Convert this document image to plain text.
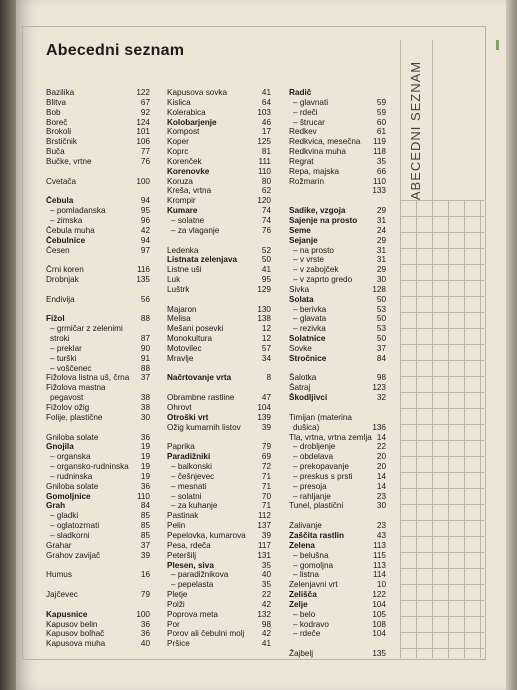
Abecedni seznam
ABECEDNI SEZNAM
Bazilika	122
Blitva	67
Bob	92
Boreč	124
Brokoli	101
Brstičnik	106
Buča	77
Bučke, vrtne	76
Cvetača	100
Čebula	94
– pomladanska	95
– zimska	96
Čebula muha	42
Čebulnice	94
Česen	97
Črni koren	116
Drobnjak	135
Endivija	56
Fižol	88
– grmičar z zelenimi
stroki	87
– preklar	90
– turški	91
– voščenec	88
Fižolova listna uš, črna 37
Fižolova mastna
pegavost	38
Fižolov ožig	38
Folije, plastične	30
Gniloba solate	36
Gnojila	19
– organska	19
– organsko-rudninska 19
– rudninska	19
Gniloba solate	36
Gomoljnice	110
Grah	84
– gladki	85
– oglatozrnati	85
– sladkorni	85
Grahar	37
Grahov zavijač	39
Humus	16
Jajčevec	79
Kapusnice	100
Kapusov belin	36
Kapusov bolhač	36
Kapusova muha	40
Kapusova sovka	41
Kislica	64
Kolerabica	103
Kolobarjenje	46
Kompost	17
Koper	125
Koprc	81
Korenček	111
Korenovke	110
Koruza	80
Kreša, vrtna	62
Krompir	120
Kumare	74
– solatne	74
– za vlaganje	76
Ledenka	52
Listnata zelenjava	50
Listne uši	41
Luk	95
Luštrk	129
Majaron	130
Melisa	138
Mešani posevki	12
Monokultura	12
Motovilec	57
Mravlje	34
Načrtovanje vrta	8
Obrambne rastline	47
Ohrovt	104
Otroški vrt	139
Ožig kumarnih listov	39
Paprika	79
Paradižniki	69
– balkonski	72
– češnjevec	71
– mesnati	71
– solatni	70
– za kuhanje	71
Pastinak	112
Pelin	137
Pepelovka, kumarova 39
Pesa, rdeča	117
Peteršilj	131
Plesen, siva	35
– paradižnikova	40
– pepelasta	35
Pletje	22
Polži	42
Poprova meta	132
Por	98
Porov ali čebulni molj 42
Pršice	41
Radič
– glavnati	59
– rdeči	59
– štrucar	60
Redkev	61
Redkvica, mesečna 119
Redkvina muha	118
Regrat	35
Repa, majska	66
Rožmarin	110
133
Sadike, vzgoja	29
Sajenje na prosto 31
Seme	24
Sejanje	29
– na prosto	31
– v vrste	31
– v zabojček	29
– v zaprto gredo	30
Sivka	128
Solata	50
– berivka	53
– glavata	50
– rezivka	53
Solatnice	50
Sovke	37
Stročnice	84
Šalotka	98
Šatraj	123
Škodljivci	32
Timijan (materina
dušica)	136
Tla, vrtna, vrtna zemlja 14
– drobljenje	22
– obdelava	20
– prekopavanje	20
– preskus s prsti	14
– presoja	14
– rahljanje	23
Tunel, plastični	30
Zalivanje	23
Zaščita rastlin	43
Zelena	113
– belušna	115
– gomoljna	113
– listna	114
Zelenjavni vrt	10
Zelišča	122
Zelje	104
– belo	105
– kodravo	108
– rdeče	104
Žajbelj	135
